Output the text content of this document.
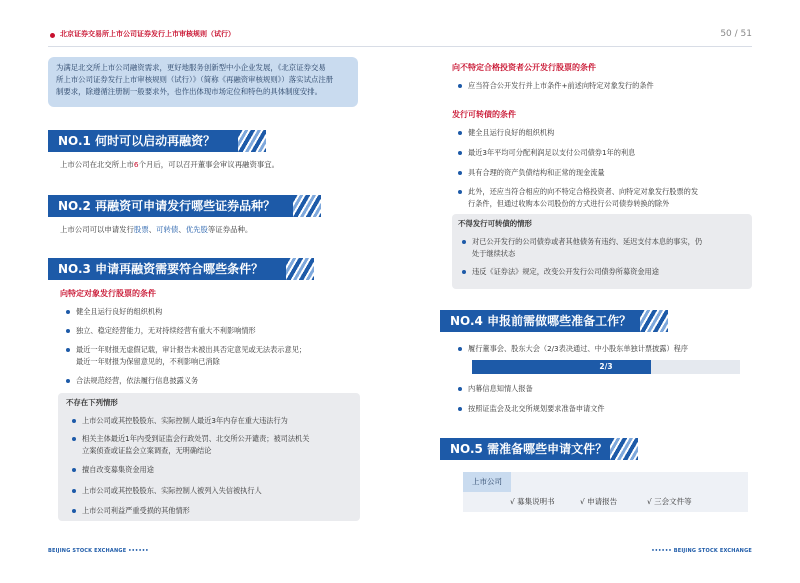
北京证券交易所上市公司证券发行上市审核规则（试行）
为满足北交所上市公司融资需求，更好地服务创新型中小企业发展，《北京证券交易
所上市公司证券发行上市审核规则（试行）》（简称《再融资审核规则》）落实试点注册
制要求，除遵循注册制一般要求外，也作出体现市场定位和特色的具体制度安排。
NO.1 何时可以启动再融资？
上市公司在北交所上市6个月后，可以召开董事会审议再融资事宜。
NO.2 再融资可申请发行哪些证券品种？
上市公司可以申请发行股票、可转债、优先股等证券品种。
NO.3 申请再融资需要符合哪些条件？
向特定对象发行股票的条件
健全且运行良好的组织机构
独立、稳定经营能力，无对持续经营有重大不利影响情形
最近一年财报无虚假记载，审计报告未被出具否定意见或无法表示意见；
最近一年财报为保留意见的，不利影响已消除
合法规范经营，依法履行信息披露义务
不存在下列情形
上市公司或其控股股东、实际控制人最近3年内存在重大违法行为
相关主体最近1年内受到证监会行政处罚、北交所公开谴责；被司法机关
立案侦查或证监会立案调查，无明确结论
擅自改变募集资金用途
上市公司或其控股股东、实际控制人被列入失信被执行人
上市公司利益严重受损的其他情形
BEIJING STOCK EXCHANGE ••••••
50 / 51
•••••• BEIJING STOCK EXCHANGE
向不特定合格投资者公开发行股票的条件
应当符合公开发行并上市条件+前述向特定对象发行的条件
发行可转债的条件
健全且运行良好的组织机构
最近3年平均可分配利润足以支付公司债券1年的利息
具有合理的资产负债结构和正常的现金流量
此外，还应当符合相应的向不特定合格投资者、向特定对象发行股票的发
行条件，但通过收购本公司股份的方式进行公司债券转换的除外
不得发行可转债的情形
对已公开发行的公司债券或者其他债务有违约、延迟支付本息的事实，仍
处于继续状态
违反《证券法》规定，改变公开发行公司债券所募资金用途
NO.4 申报前需做哪些准备工作？
履行董事会、股东大会（2/3表决通过、中小股东单独计票披露）程序
2/3
内幕信息知情人报备
按照证监会及北交所规划要求准备申请文件
NO.5 需准备哪些申请文件？
上市公司
√ 募集说明书	√ 申请报告	√ 三会文件等
